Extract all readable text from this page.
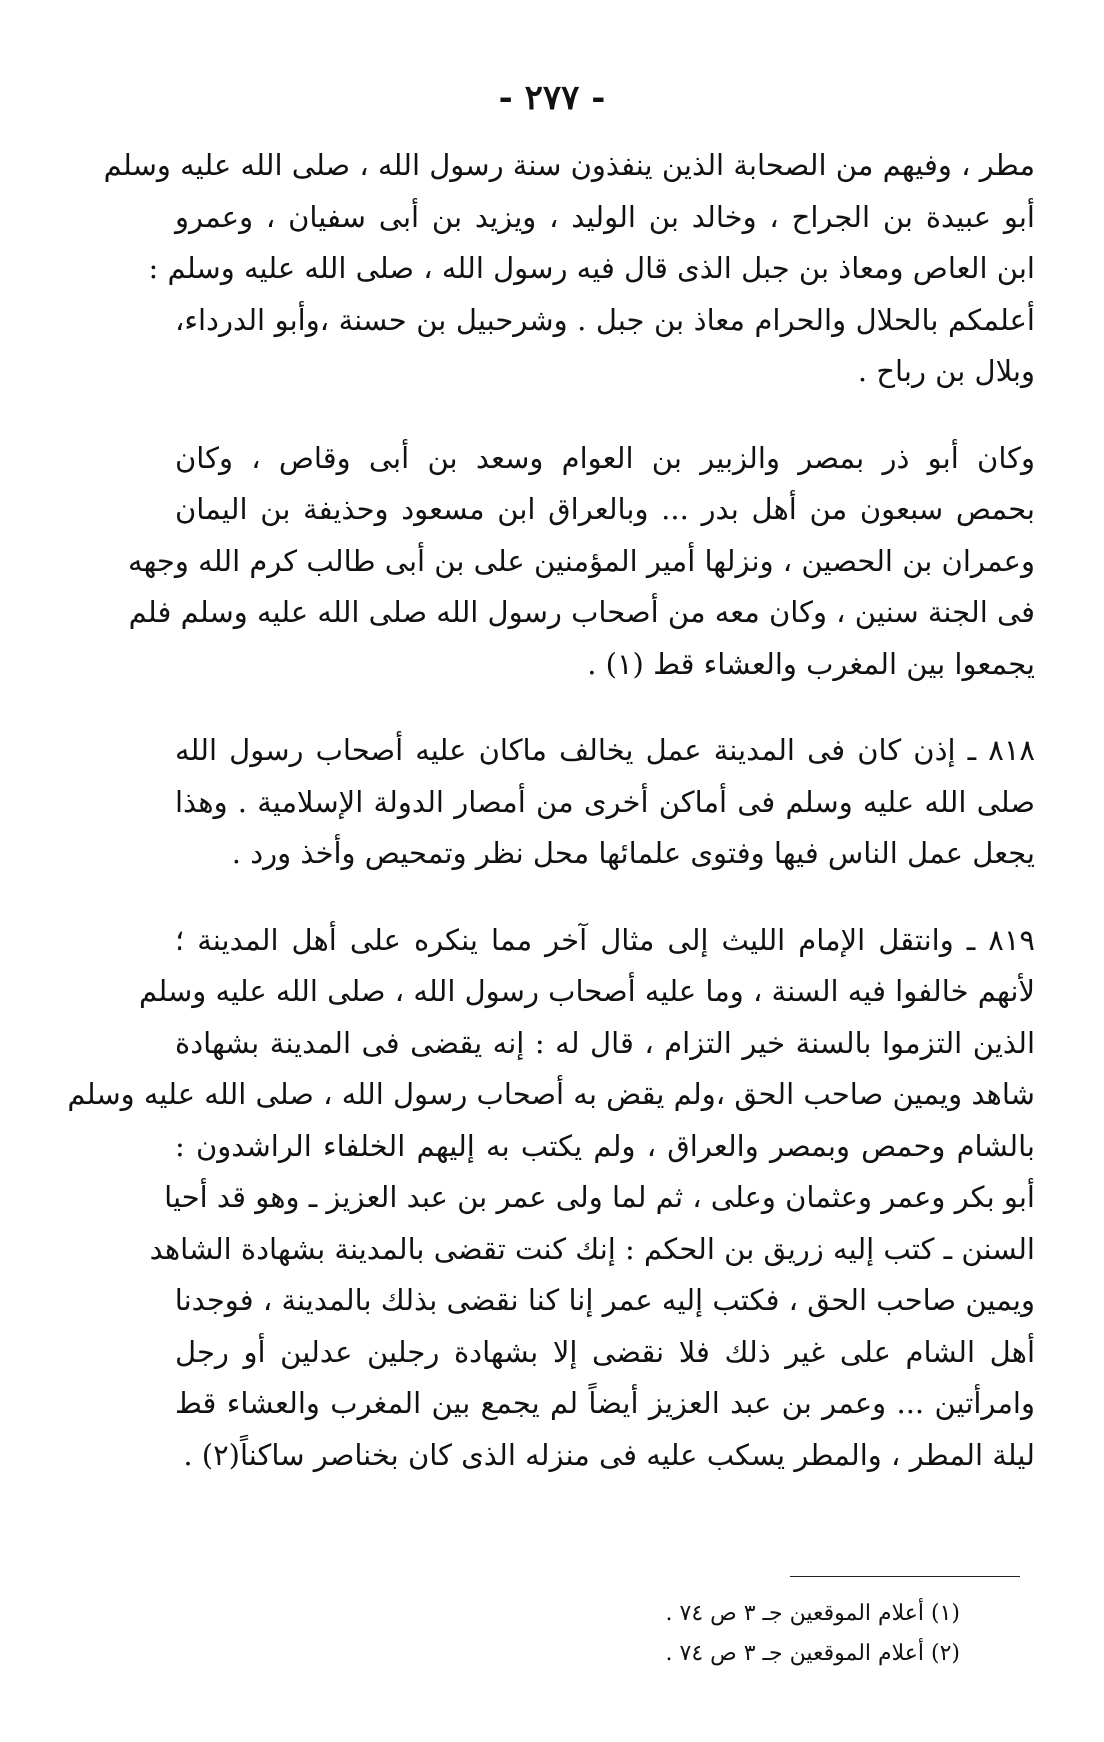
- ٢٧٧ -
مطر ، وفيهم من الصحابة الذين ينفذون سنة رسول الله ، صلى الله عليه وسلم
أبو عبيدة بن الجراح ، وخالد بن الوليد ، ويزيد بن أبى سفيان ، وعمرو
ابن العاص ومعاذ بن جبل الذى قال فيه رسول الله ، صلى الله عليه وسلم :
أعلمكم بالحلال والحرام معاذ بن جبل . وشرحبيل بن حسنة ،وأبو الدرداء،
وبلال بن رباح .
وكان أبو ذر بمصر والزبير بن العوام وسعد بن أبى وقاص ، وكان
بحمص سبعون من أهل بدر ... وبالعراق ابن مسعود وحذيفة بن اليمان
وعمران بن الحصين ، ونزلها أمير المؤمنين على بن أبى طالب كرم الله وجهه
فى الجنة سنين ، وكان معه من أصحاب رسول الله صلى الله عليه وسلم فلم
يجمعوا بين المغرب والعشاء قط (١) .
٨١٨ ـ إذن كان فى المدينة عمل يخالف ماكان عليه أصحاب رسول الله
صلى الله عليه وسلم فى أماكن أخرى من أمصار الدولة الإسلامية . وهذا
يجعل عمل الناس فيها وفتوى علمائها محل نظر وتمحيص وأخذ ورد .
٨١٩ ـ وانتقل الإمام الليث إلى مثال آخر مما ينكره على أهل المدينة ؛
لأنهم خالفوا فيه السنة ، وما عليه أصحاب رسول الله ، صلى الله عليه وسلم
الذين التزموا بالسنة خير التزام ، قال له : إنه يقضى فى المدينة بشهادة
شاهد ويمين صاحب الحق ،ولم يقض به أصحاب رسول الله ، صلى الله عليه وسلم
بالشام وحمص وبمصر والعراق ، ولم يكتب به إليهم الخلفاء الراشدون :
أبو بكر وعمر وعثمان وعلى ، ثم لما ولى عمر بن عبد العزيز ـ وهو قد أحيا
السنن ـ كتب إليه زريق بن الحكم : إنك كنت تقضى بالمدينة بشهادة الشاهد
ويمين صاحب الحق ، فكتب إليه عمر إنا كنا نقضى بذلك بالمدينة ، فوجدنا
أهل الشام على غير ذلك فلا نقضى إلا بشهادة رجلين عدلين أو رجل
وامرأتين ... وعمر بن عبد العزيز أيضاً لم يجمع بين المغرب والعشاء قط
ليلة المطر ، والمطر يسكب عليه فى منزله الذى كان بخناصر ساكناً(٢) .
(١) أعلام الموقعين جـ ٣ ص ٧٤ .
(٢) أعلام الموقعين جـ ٣ ص ٧٤ .
